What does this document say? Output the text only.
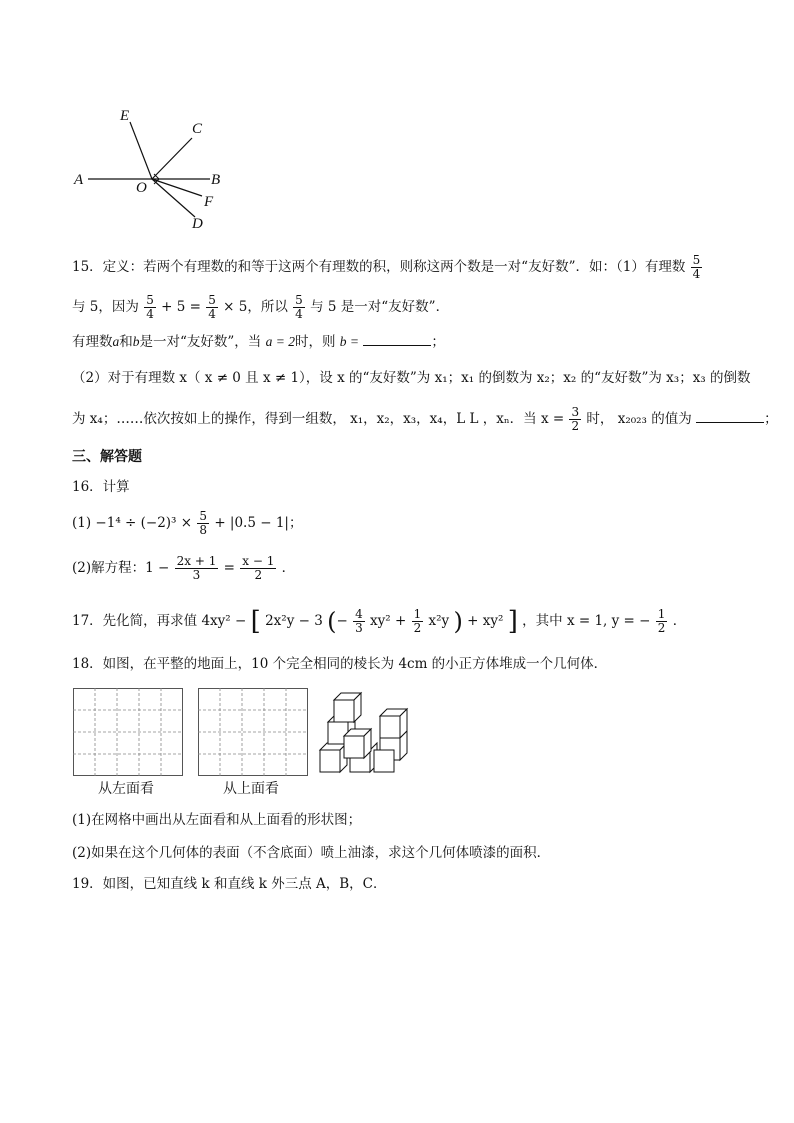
E
C
A	O	B
F
D
15．定义：若两个有理数的和等于这两个有理数的积，则称这两个数是一对“友好数”．如：（1）有理数 $\frac{5}{4}$
与 5，因为 $\frac{5}{4} + 5 = \frac{5}{4} \times 5$，所以 $\frac{5}{4}$ 与 5 是一对“友好数”．
有理数a和b是一对“友好数”，当 a = 2时，则 b =	；
（2）对于有理数 x（ x ≠ 0 且 x ≠ 1），设 x 的“友好数”为 x₁；x₁ 的倒数为 x₂；x₂ 的“友好数”为 x₃；x₃ 的倒数
为 x₄；……依次按如上的操作，得到一组数， x₁，x₂，x₃，x₄，L L ，xₙ．当 $x = \frac{3}{2}$ 时， x₂₀₂₃ 的值为	；
三、解答题
16．计算
$(1) -1^4 \div (-2)^3 \times \frac{5}{8} + |0.5 - 1|$；
(2)解方程：$1 - \frac{2x + 1}{3} = \frac{x - 1}{2}$ ．
17．先化简，再求值 4xy² − [ 2x²y − 3 (− $\frac{4}{3} xy^2 + \frac{1}{2} x^2y$ ) + xy² ] ，其中 x = 1, y = − $\frac{1}{2}$ ．
18．如图，在平整的地面上，10 个完全相同的棱长为 4cm 的小正方体堆成一个几何体．
从左面看	从上面看
(1)在网格中画出从左面看和从上面看的形状图；
(2)如果在这个几何体的表面（不含底面）喷上油漆，求这个几何体喷漆的面积．
19．如图，已知直线 k 和直线 k 外三点 A，B，C．
